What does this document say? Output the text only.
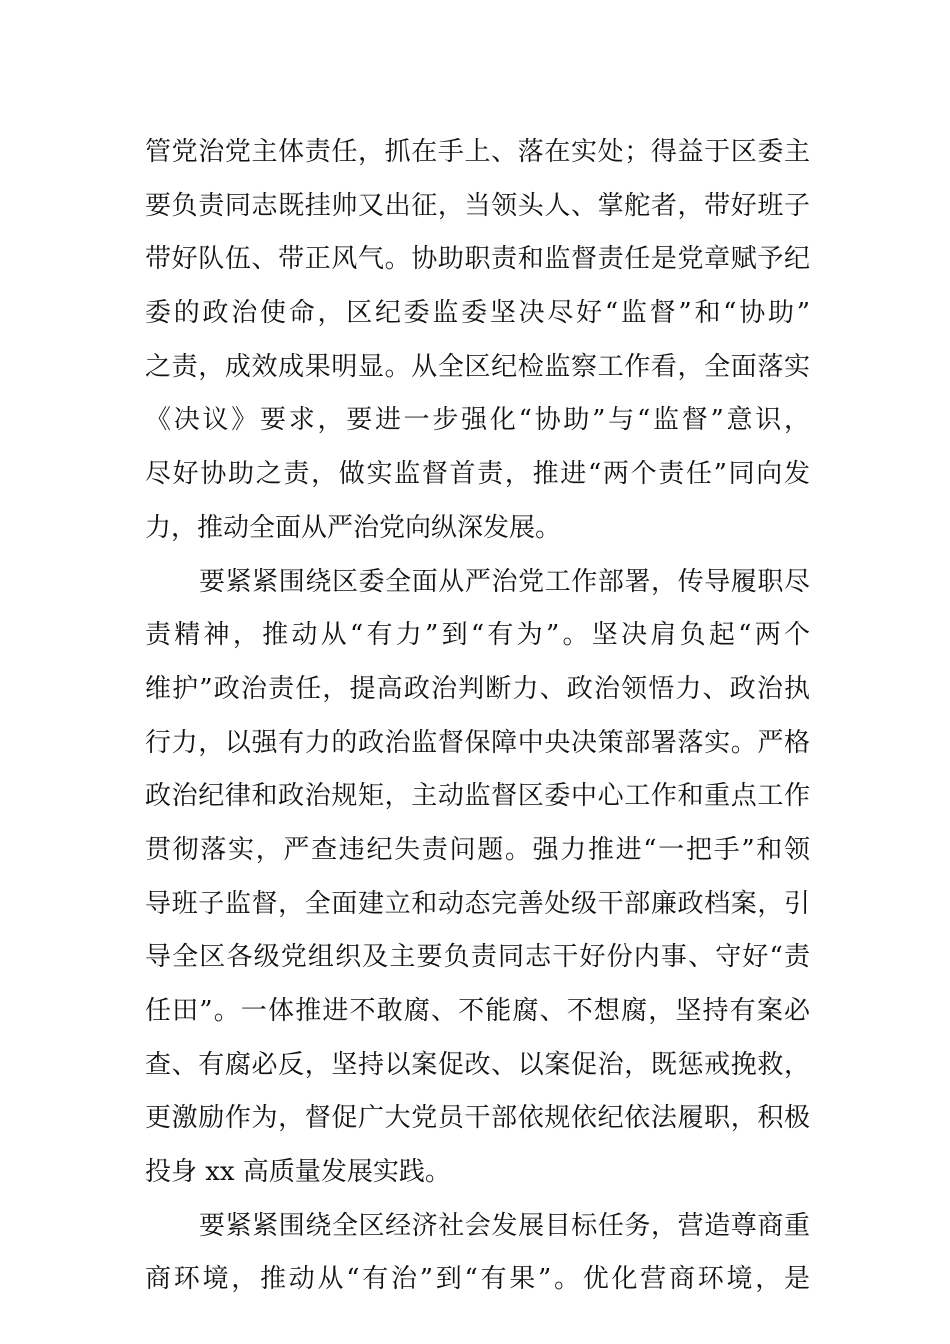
管党治党主体责任，抓在手上、落在实处；得益于区委主
要负责同志既挂帅又出征，当领头人、掌舵者，带好班子
带好队伍、带正风气。协助职责和监督责任是党章赋予纪
委的政治使命，区纪委监委坚决尽好“监督”和“协助”
之责，成效成果明显。从全区纪检监察工作看，全面落实
《决议》要求，要进一步强化“协助”与“监督”意识，
尽好协助之责，做实监督首责，推进“两个责任”同向发
力，推动全面从严治党向纵深发展。
要紧紧围绕区委全面从严治党工作部署，传导履职尽
责精神，推动从“有力”到“有为”。坚决肩负起“两个
维护”政治责任，提高政治判断力、政治领悟力、政治执
行力，以强有力的政治监督保障中央决策部署落实。严格
政治纪律和政治规矩，主动监督区委中心工作和重点工作
贯彻落实，严查违纪失责问题。强力推进“一把手”和领
导班子监督，全面建立和动态完善处级干部廉政档案，引
导全区各级党组织及主要负责同志干好份内事、守好“责
任田”。一体推进不敢腐、不能腐、不想腐，坚持有案必
查、有腐必反，坚持以案促改、以案促治，既惩戒挽救，
更激励作为，督促广大党员干部依规依纪依法履职，积极
投身 xx 高质量发展实践。
要紧紧围绕全区经济社会发展目标任务，营造尊商重
商环境，推动从“有治”到“有果”。优化营商环境，是
